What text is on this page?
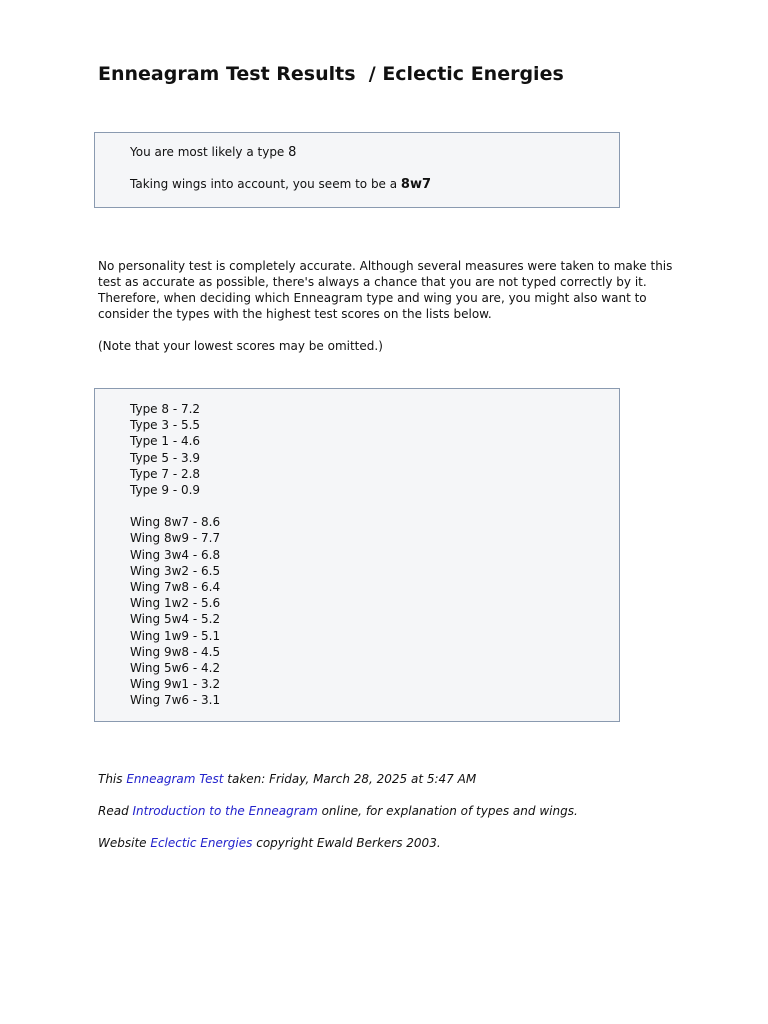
Enneagram Test Results  / Eclectic Energies
You are most likely a type 8
Taking wings into account, you seem to be a 8w7

No personality test is completely accurate. Although several measures were taken to make this test as accurate as possible, there's always a chance that you are not typed correctly by it. Therefore, when deciding which Enneagram type and wing you are, you might also want to consider the types with the highest test scores on the lists below.

(Note that your lowest scores may be omitted.)

Type 8 - 7.2
Type 3 - 5.5
Type 1 - 4.6
Type 5 - 3.9
Type 7 - 2.8
Type 9 - 0.9
Wing 8w7 - 8.6
Wing 8w9 - 7.7
Wing 3w4 - 6.8
Wing 3w2 - 6.5
Wing 7w8 - 6.4
Wing 1w2 - 5.6
Wing 5w4 - 5.2
Wing 1w9 - 5.1
Wing 9w8 - 4.5
Wing 5w6 - 4.2
Wing 9w1 - 3.2
Wing 7w6 - 3.1

This Enneagram Test taken: Friday, March 28, 2025 at 5:47 AM

Read Introduction to the Enneagram online, for explanation of types and wings.

Website Eclectic Energies copyright Ewald Berkers 2003.
